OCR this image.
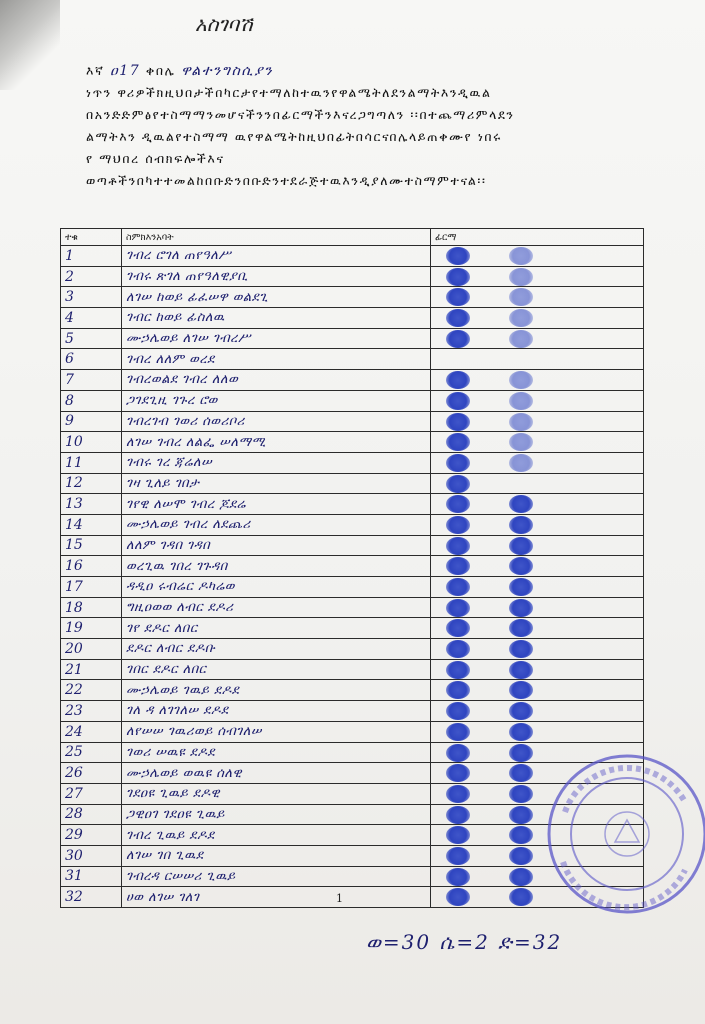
አስገባሽ
እኛ ዐ17 ቀበሌ ዋልተንግስሲያን
ነጥን ዋሪዎችክዚህበታችበካርታየተማለከተዉንየዋልሜትለደንልማትእንዲዉል
በአንድድምፅየተስማማንመሆናችንንበፊርማችንእናረጋግጣለን ፡፡በተጨማሪምላደን
ልማትእን ዲዉልየተስማማ ዉየዋልሜትከዚህበፊትበሳርናበሌላይጠቀሙየ ነበሩ
የ ማህበረ ሰብክፍሎችእና
ወጣቶችንበካተተመልከበቡድንበቡድንተደራጅተዉእንዲያለሙተስማምተናል፡፡
ተቁ	ስምክእንአባት	ፊርማ
1	ገብረ ሮገለ ጠየዓለሥ	

2	ገብሩ ጽገለ ጠየዓለዊያቢ	

3	ለገሠ ከወይ ፊፈሠዋ ወልደጊ	

4	ገብር ከወይ ፊስለዉ	

5	ሙኃሌወይ ለገሠ ገብረሥ	

6	ገብረ ለለም ወረደ	
7	ገብረወልደ ገብረ ለለወ	

8	ጋገደጊዚ ገጉረ ሮወ	

9	ገብረገብ ገወሪ ሰወሪቦሪ	

10	ለገሠ ገብረ ለልፌ ሠለማሚ	

11	ገብሩ ገረ ጃሬለሠ	

12	ገዛ ጊለይ ገበታ	

13	ገየዊ ለሠሞ ገብረ ጆደሬ	

14	ሙኃሌወይ ገብረ ለደጨሪ	

15	ለለም ገዳበ ገዳበ	

16	ወረጊዉ ገበረ ገጉዳበ	

17	ዳዲዐ ሩብሬር ዶካሬወ	

18	ግዚዐወወ ለብር ደዶሪ	

19	ገየ ደዶር ለበር	

20	ደዶር ለብር ደዶቡ	

21	ገበር ደዶር ለበር	

22	ሙኃሌወይ ገዉይ ደዶደ	

23	ገለ ዳ ለገገለሠ ደዶደ	

24	ለየሠሠ ገዉሪወይ ሰብገለሠ	

25	ገወሪ ሠዉዩ ደዶደ	

26	ሙኃሌወይ ወዉዩ ሰለዊ	

27	ገደዐዩ ጊዉይ ደዶዊ	

28	ጋዊዐገ ገደዐዩ ጊዉይ	

29	ገብረ ጊዉይ ደዶደ	

30	ለገሠ ገበ ጊዉደ	

31	ገብረዳ ርሠሠሪ ጊዉይ	

32	ሀወ ለገሠ ገለገ		1
ወ=30 ሴ=2 ድ=32
